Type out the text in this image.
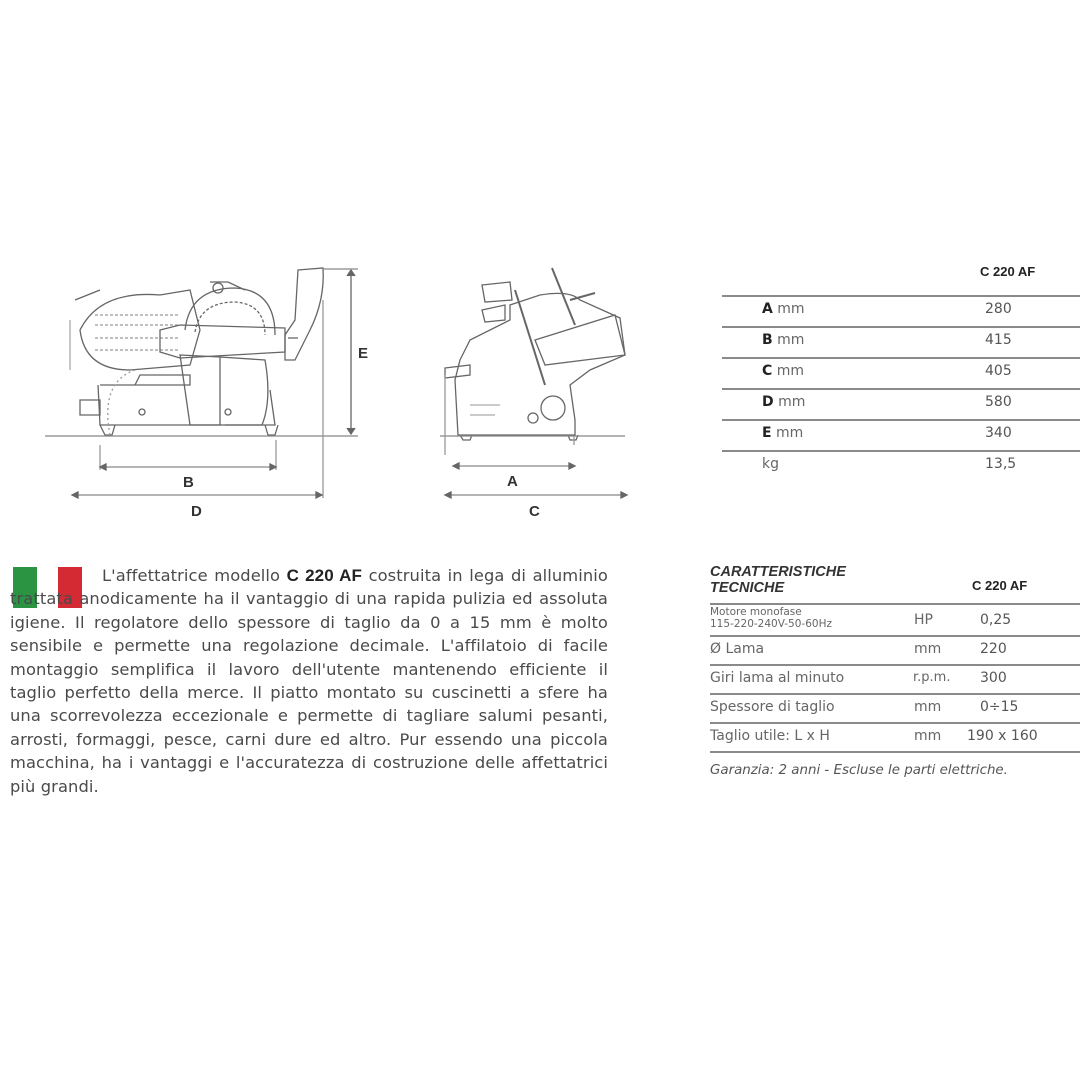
B
D
E
A
C
C 220 AF
A mm	280
B mm	415
C mm	405
D mm	580
E mm	340
kg	13,5

L'affettatrice modello C 220 AF costruita in lega di alluminio trattata anodicamente ha il vantaggio di una rapida pulizia ed assoluta igiene. Il regolatore dello spessore di taglio da 0 a 15 mm è molto sensibile e permette una regolazione decimale. L'affilatoio di facile montaggio semplifica il lavoro dell'utente mantenendo efficiente il taglio perfetto della merce. Il piatto montato su cuscinetti a sfere ha una scorrevolezza eccezionale e permette di tagliare salumi pesanti, arrosti, formaggi, pesce, carni dure ed altro. Pur essendo una piccola macchina, ha i vantaggi e l'accuratezza di costruzione delle affettatrici più grandi.

CARATTERISTICHE
TECNICHE	C 220 AF
Motore monofase
115-220-240V-50-60Hz	HP	0,25
Ø Lama	mm	220
Giri lama al minuto	r.p.m. 300
Spessore di taglio	mm	0÷15
Taglio utile: L x H	mm 190 x 160
Garanzia: 2 anni - Escluse le parti elettriche.
